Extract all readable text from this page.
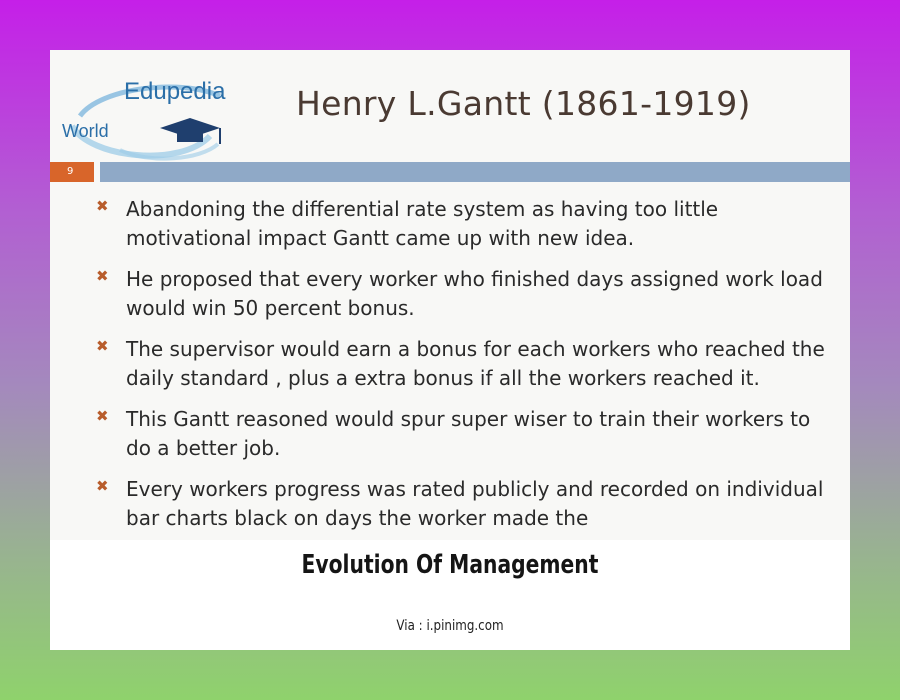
Edupedia
World
Henry L.Gantt (1861-1919)
9
✖ Abandoning the differential rate system as having too little motivational impact Gantt came up with new idea.
✖ He proposed that every worker who finished days assigned work load would win 50 percent bonus.
✖ The supervisor would earn a bonus for each workers who reached the daily standard , plus a extra bonus if all the workers reached it.
✖ This Gantt reasoned would spur super wiser to train their workers to do a better job.
✖ Every workers progress was rated publicly and recorded on individual bar charts black on days the worker made the
Evolution Of Management
Via : i.pinimg.com
